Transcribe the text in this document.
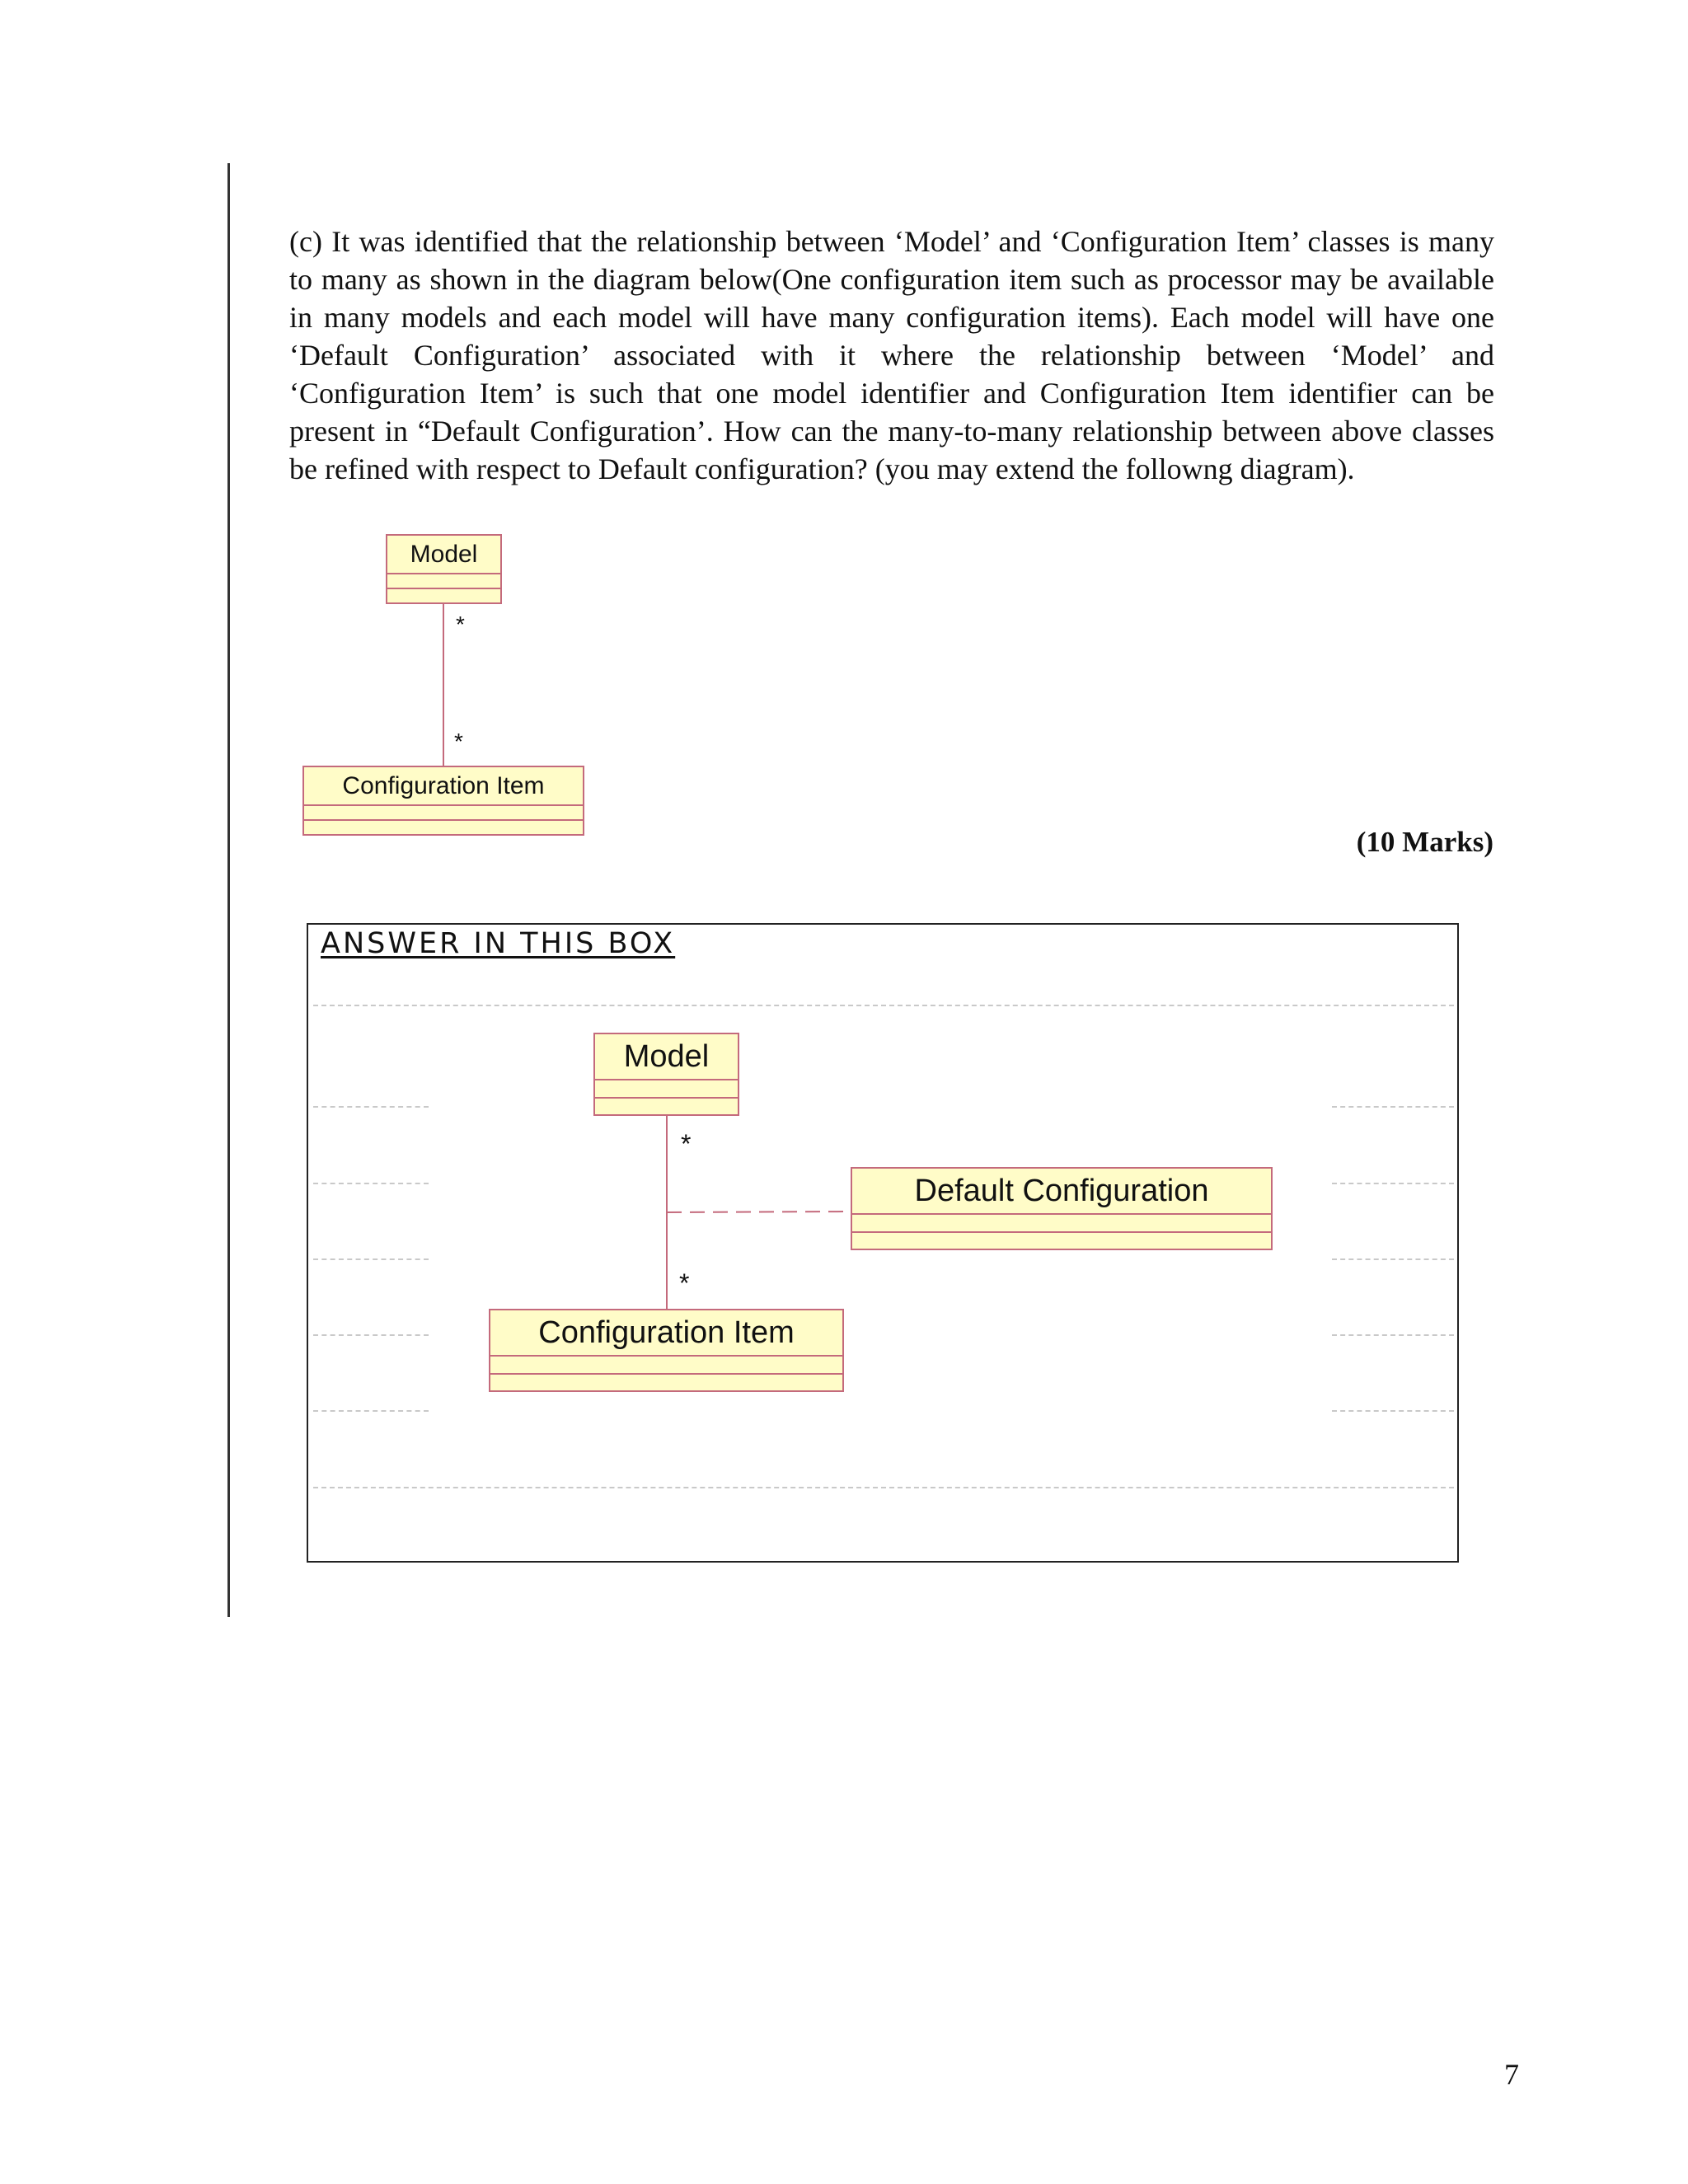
(c) It was identified that the relationship between ‘Model’ and ‘Configuration Item’ classes is many to many as shown in the diagram below(One configuration item such as processor may be available in many models and each model will have many configuration items). Each model will have one ‘Default Configuration’ associated with it where the relationship between ‘Model’ and ‘Configuration Item’ is such that one model identifier and Configuration Item identifier can be present in “Default Configuration’. How can the many-to-many relationship between above classes be refined with respect to Default configuration? (you may extend the followng diagram).

Model
*
*
Configuration Item

(10 Marks)

ANSWER IN THIS BOX

Model
*
*
Default Configuration
Configuration Item

7
